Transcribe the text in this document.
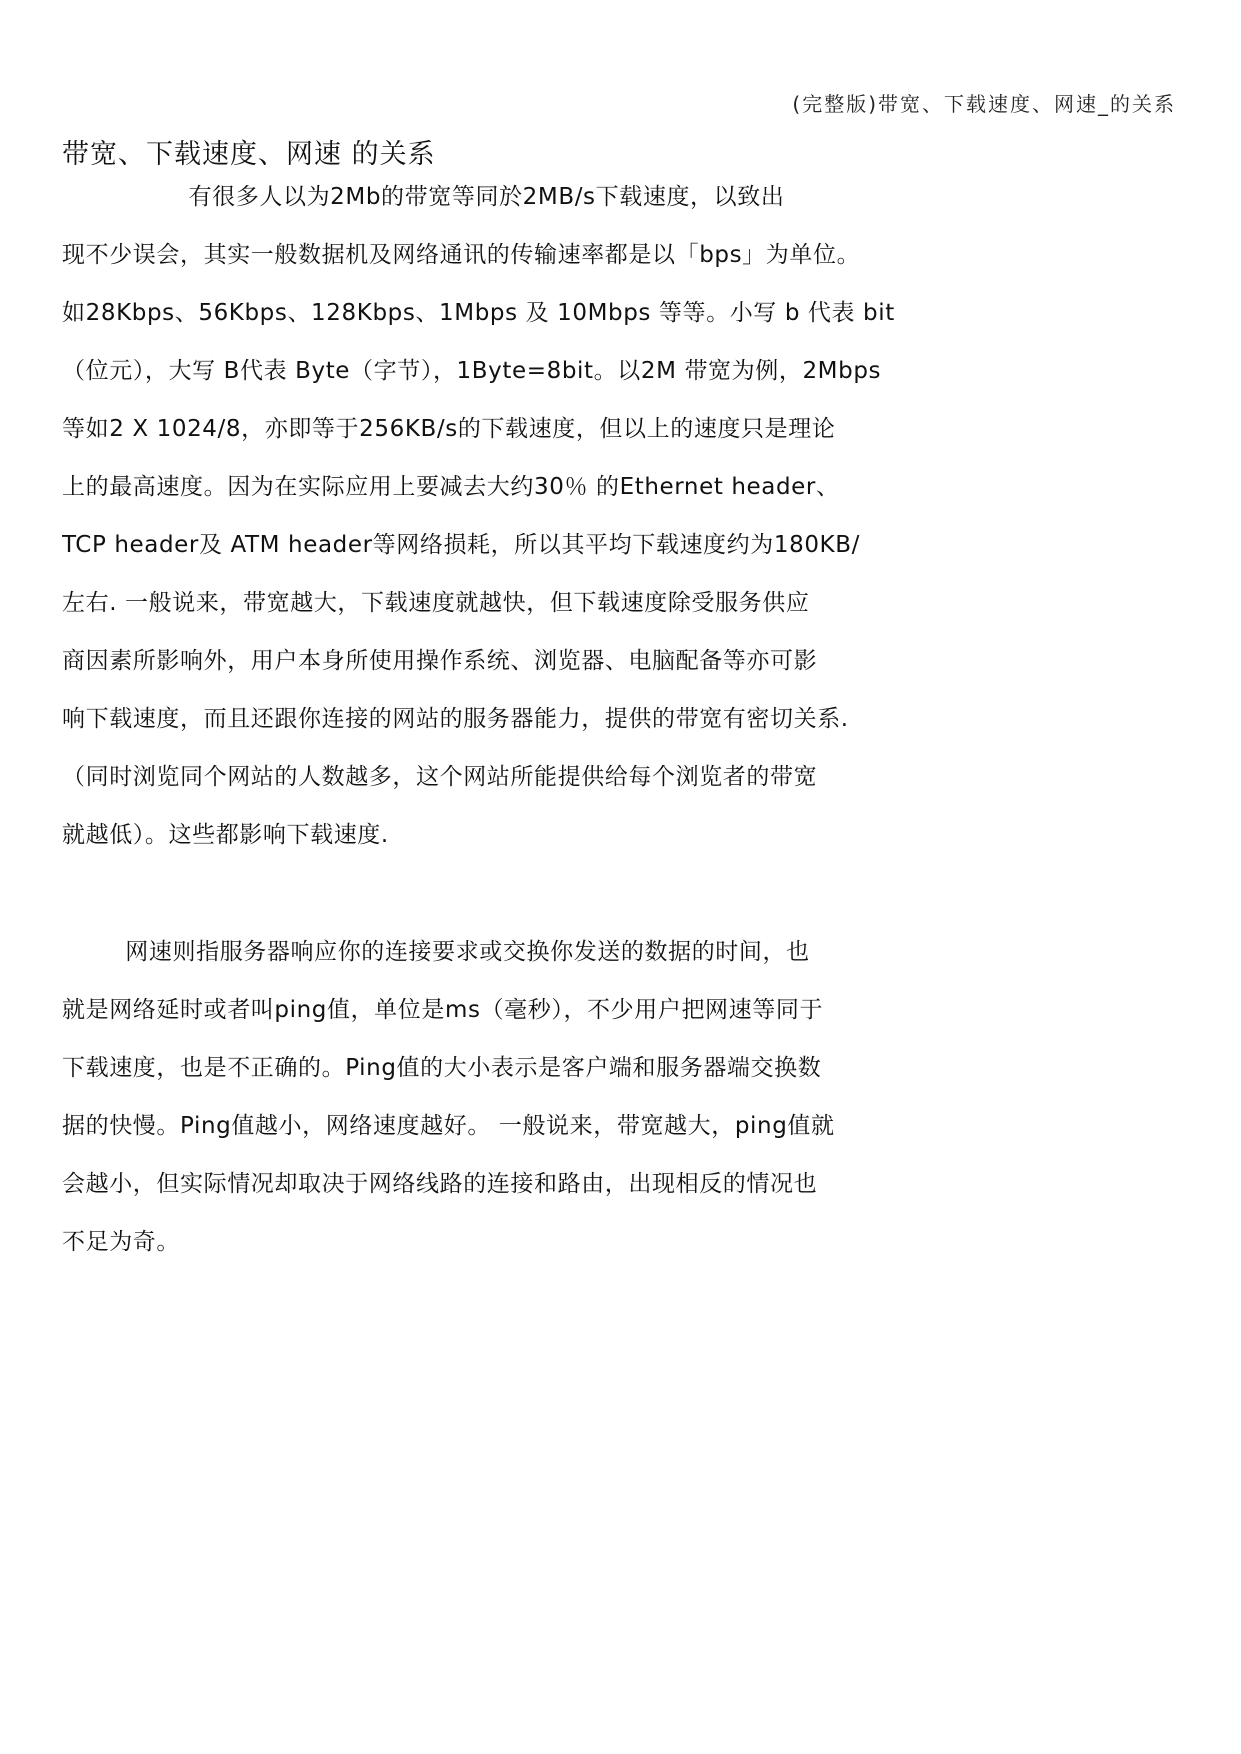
(完整版)带宽、下载速度、网速_的关系
带宽、下载速度、网速 的关系
有很多人以为2Mb的带宽等同於2MB/s下载速度，以致出
现不少误会，其实一般数据机及网络通讯的传输速率都是以「bps」为单位。
如28Kbps、56Kbps、128Kbps、1Mbps 及 10Mbps 等等。小写 b 代表 bit
（位元），大写 B代表 Byte（字节），1Byte=8bit。以2M 带宽为例，2Mbps
等如2 X 1024/8，亦即等于256KB/s的下载速度，但以上的速度只是理论
上的最高速度。因为在实际应用上要减去大约30％ 的Ethernet header、
TCP header及 ATM header等网络损耗，所以其平均下载速度约为180KB/
左右. 一般说来，带宽越大，下载速度就越快，但下载速度除受服务供应
商因素所影响外，用户本身所使用操作系统、浏览器、电脑配备等亦可影
响下载速度，而且还跟你连接的网站的服务器能力，提供的带宽有密切关系.
（同时浏览同个网站的人数越多，这个网站所能提供给每个浏览者的带宽
就越低）。这些都影响下载速度.
网速则指服务器响应你的连接要求或交换你发送的数据的时间，也
就是网络延时或者叫ping值，单位是ms（毫秒），不少用户把网速等同于
下载速度，也是不正确的。Ping值的大小表示是客户端和服务器端交换数
据的快慢。Ping值越小，网络速度越好。 一般说来，带宽越大，ping值就
会越小，但实际情况却取决于网络线路的连接和路由，出现相反的情况也
不足为奇。
